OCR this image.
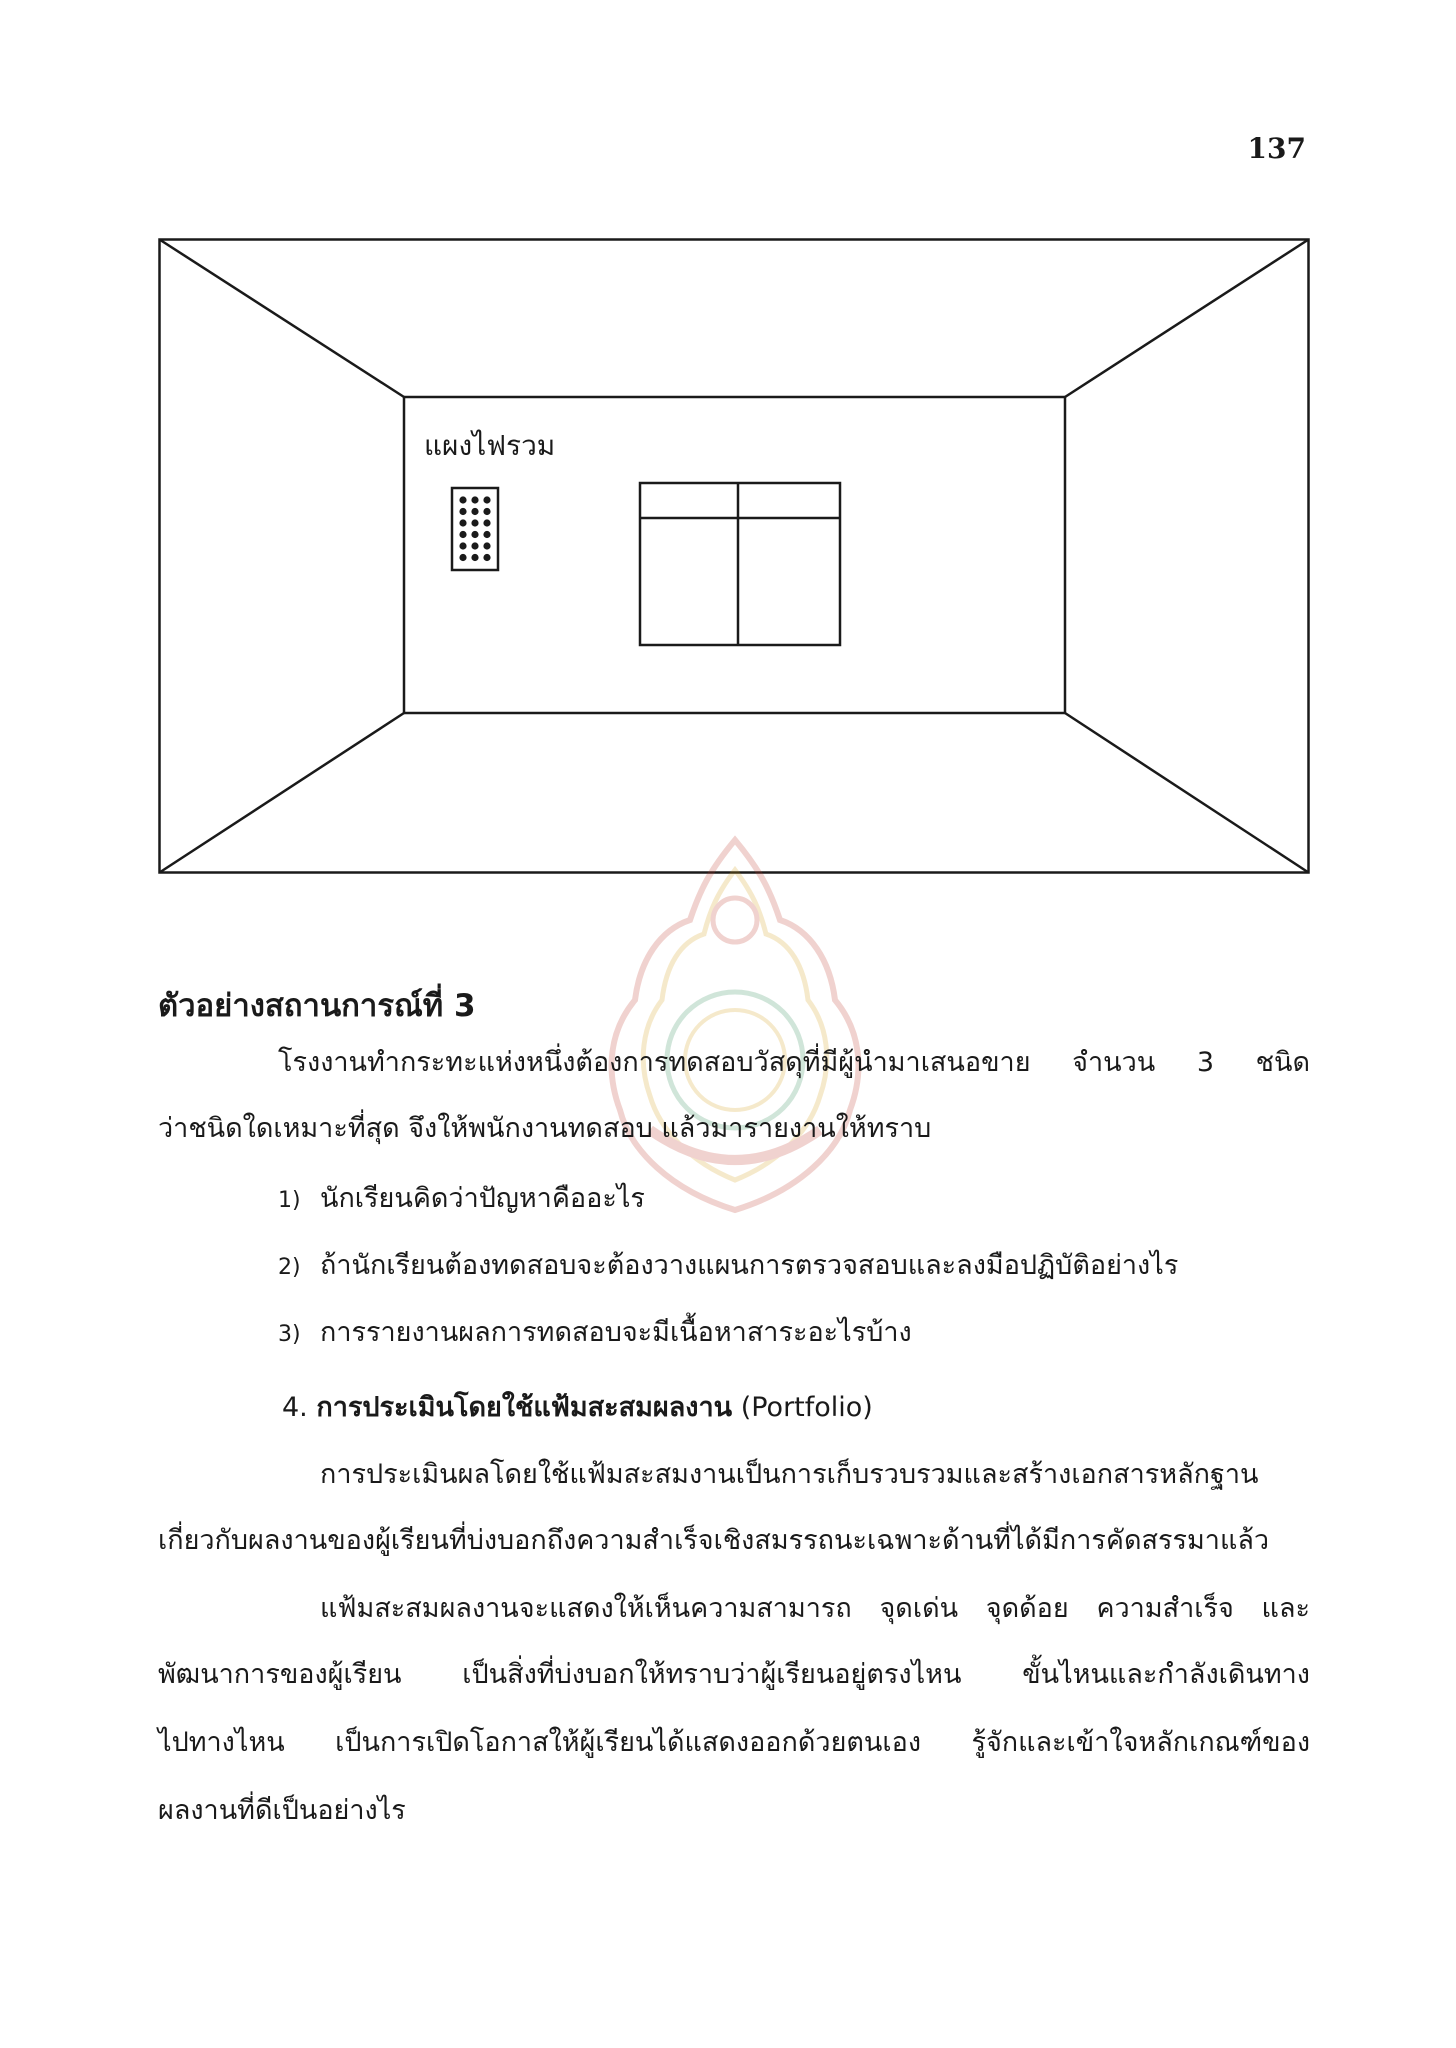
137
แผงไฟรวม
ตัวอย่างสถานการณ์ที่ 3
โรงงานทำกระทะแห่งหนึ่งต้องการทดสอบวัสดุที่มีผู้นำมาเสนอขาย จำนวน 3 ชนิด
ว่าชนิดใดเหมาะที่สุด จึงให้พนักงานทดสอบ แล้วมารายงานให้ทราบ
1) นักเรียนคิดว่าปัญหาคืออะไร
2) ถ้านักเรียนต้องทดสอบจะต้องวางแผนการตรวจสอบและลงมือปฏิบัติอย่างไร
3) การรายงานผลการทดสอบจะมีเนื้อหาสาระอะไรบ้าง
4. การประเมินโดยใช้แฟ้มสะสมผลงาน (Portfolio)
การประเมินผลโดยใช้แฟ้มสะสมงานเป็นการเก็บรวบรวมและสร้างเอกสารหลักฐาน
เกี่ยวกับผลงานของผู้เรียนที่บ่งบอกถึงความสำเร็จเชิงสมรรถนะเฉพาะด้านที่ได้มีการคัดสรรมาแล้ว
แฟ้มสะสมผลงานจะแสดงให้เห็นความสามารถ จุดเด่น จุดด้อย ความสำเร็จ และ
พัฒนาการของผู้เรียน เป็นสิ่งที่บ่งบอกให้ทราบว่าผู้เรียนอยู่ตรงไหน ขั้นไหนและกำลังเดินทาง
ไปทางไหน เป็นการเปิดโอกาสให้ผู้เรียนได้แสดงออกด้วยตนเอง รู้จักและเข้าใจหลักเกณฑ์ของ
ผลงานที่ดีเป็นอย่างไร
